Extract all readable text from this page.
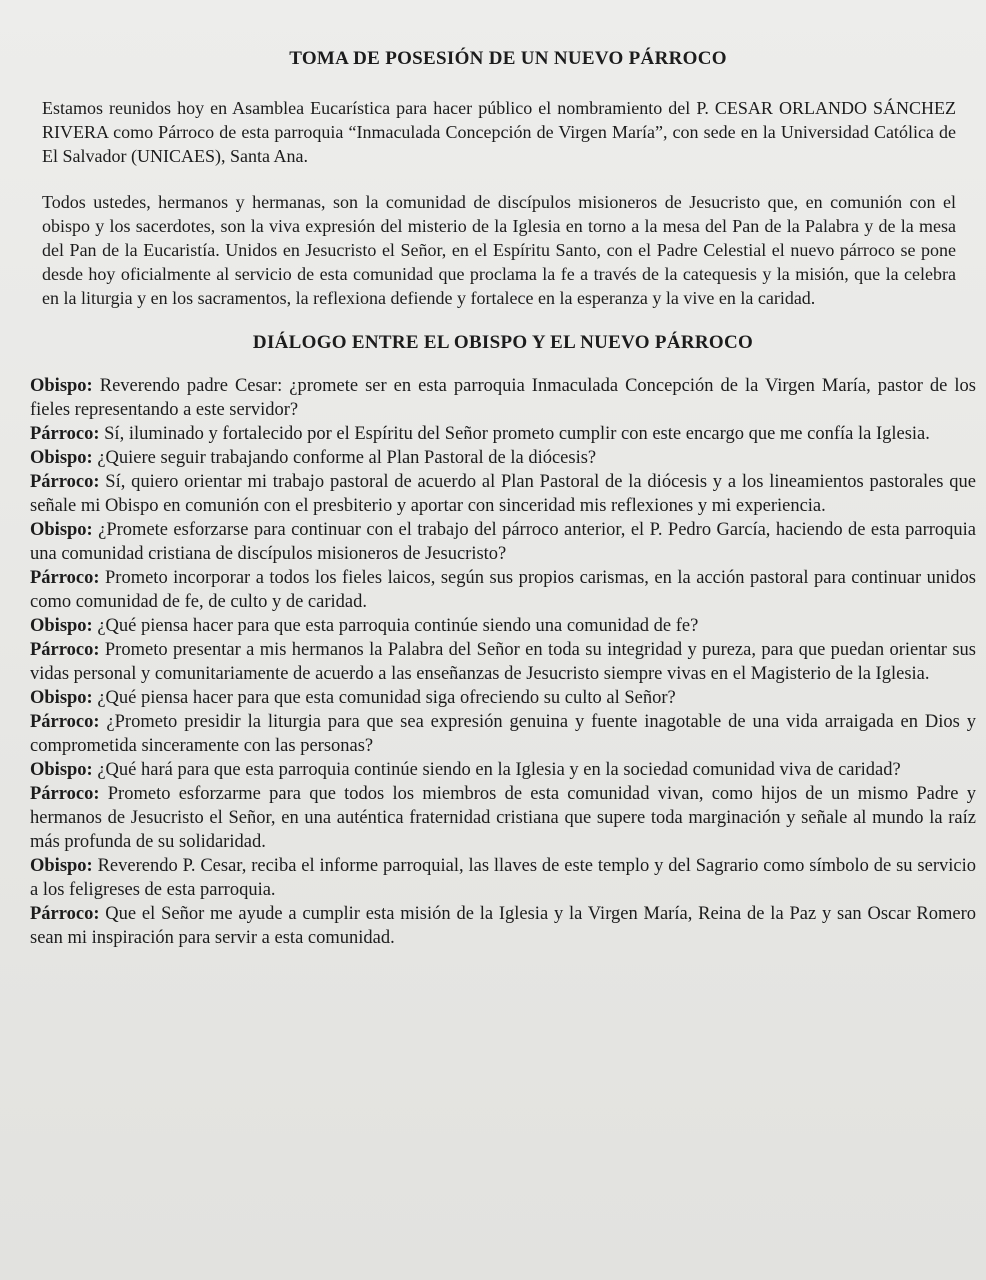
TOMA DE POSESIÓN DE UN NUEVO PÁRROCO

Estamos reunidos hoy en Asamblea Eucarística para hacer público el nombramiento del P. CESAR ORLANDO SÁNCHEZ RIVERA como Párroco de esta parroquia “Inmaculada Concepción de Virgen María”, con sede en la Universidad Católica de El Salvador (UNICAES), Santa Ana.

Todos ustedes, hermanos y hermanas, son la comunidad de discípulos misioneros de Jesucristo que, en comunión con el obispo y los sacerdotes, son la viva expresión del misterio de la Iglesia en torno a la mesa del Pan de la Palabra y de la mesa del Pan de la Eucaristía. Unidos en Jesucristo el Señor, en el Espíritu Santo, con el Padre Celestial el nuevo párroco se pone desde hoy oficialmente al servicio de esta comunidad que proclama la fe a través de la catequesis y la misión, que la celebra en la liturgia y en los sacramentos, la reflexiona defiende y fortalece en la esperanza y la vive en la caridad.

DIÁLOGO ENTRE EL OBISPO Y EL NUEVO PÁRROCO

Obispo: Reverendo padre Cesar: ¿promete ser en esta parroquia Inmaculada Concepción de la Virgen María, pastor de los fieles representando a este servidor?

Párroco: Sí, iluminado y fortalecido por el Espíritu del Señor prometo cumplir con este encargo que me confía la Iglesia.

Obispo: ¿Quiere seguir trabajando conforme al Plan Pastoral de la diócesis?

Párroco: Sí, quiero orientar mi trabajo pastoral de acuerdo al Plan Pastoral de la diócesis y a los lineamientos pastorales que señale mi Obispo en comunión con el presbiterio y aportar con sinceridad mis reflexiones y mi experiencia.

Obispo: ¿Promete esforzarse para continuar con el trabajo del párroco anterior, el P. Pedro García, haciendo de esta parroquia una comunidad cristiana de discípulos misioneros de Jesucristo?

Párroco: Prometo incorporar a todos los fieles laicos, según sus propios carismas, en la acción pastoral para continuar unidos como comunidad de fe, de culto y de caridad.

Obispo: ¿Qué piensa hacer para que esta parroquia continúe siendo una comunidad de fe?

Párroco: Prometo presentar a mis hermanos la Palabra del Señor en toda su integridad y pureza, para que puedan orientar sus vidas personal y comunitariamente de acuerdo a las enseñanzas de Jesucristo siempre vivas en el Magisterio de la Iglesia.

Obispo: ¿Qué piensa hacer para que esta comunidad siga ofreciendo su culto al Señor?

Párroco: ¿Prometo presidir la liturgia para que sea expresión genuina y fuente inagotable de una vida arraigada en Dios y comprometida sinceramente con las personas?

Obispo: ¿Qué hará para que esta parroquia continúe siendo en la Iglesia y en la sociedad comunidad viva de caridad?

Párroco: Prometo esforzarme para que todos los miembros de esta comunidad vivan, como hijos de un mismo Padre y hermanos de Jesucristo el Señor, en una auténtica fraternidad cristiana que supere toda marginación y señale al mundo la raíz más profunda de su solidaridad.

Obispo: Reverendo P. Cesar, reciba el informe parroquial, las llaves de este templo y del Sagrario como símbolo de su servicio a los feligreses de esta parroquia.

Párroco: Que el Señor me ayude a cumplir esta misión de la Iglesia y la Virgen María, Reina de la Paz y san Oscar Romero sean mi inspiración para servir a esta comunidad.
